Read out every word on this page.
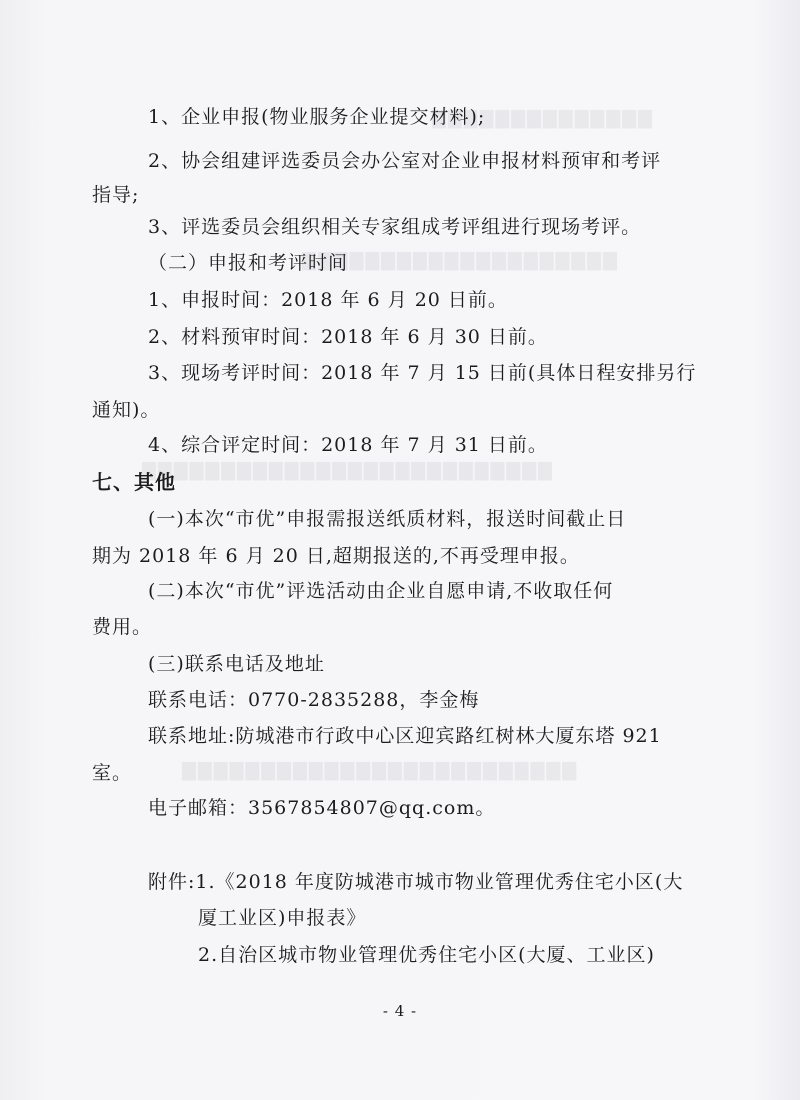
▇▇▇▇▇▇▇▇▇▇▇▇▇▇
▇▇▇▇▇▇▇▇▇▇▇▇▇▇▇▇▇▇▇▇
▇▇▇▇▇▇▇▇▇▇▇▇▇▇▇▇▇▇▇▇▇▇▇▇▇▇
▇▇▇▇▇▇▇▇▇▇▇▇▇▇▇▇▇▇▇▇▇▇▇▇▇
1、企业申报(物业服务企业提交材料);
2、协会组建评选委员会办公室对企业申报材料预审和考评
指导;
3、评选委员会组织相关专家组成考评组进行现场考评。
（二）申报和考评时间
1、申报时间：2018 年 6 月 20 日前。
2、材料预审时间：2018 年 6 月 30 日前。
3、现场考评时间：2018 年 7 月 15 日前(具体日程安排另行
通知)。
4、综合评定时间：2018 年 7 月 31 日前。
七、其他
(一)本次“市优”申报需报送纸质材料，报送时间截止日
期为 2018 年 6 月 20 日,超期报送的,不再受理申报。
(二)本次“市优”评选活动由企业自愿申请,不收取任何
费用。
(三)联系电话及地址
联系电话：0770-2835288，李金梅
联系地址:防城港市行政中心区迎宾路红树林大厦东塔 921
室。
电子邮箱：3567854807@qq.com。
附件:1.《2018 年度防城港市城市物业管理优秀住宅小区(大
厦工业区)申报表》
2.自治区城市物业管理优秀住宅小区(大厦、工业区)
- 4 -
